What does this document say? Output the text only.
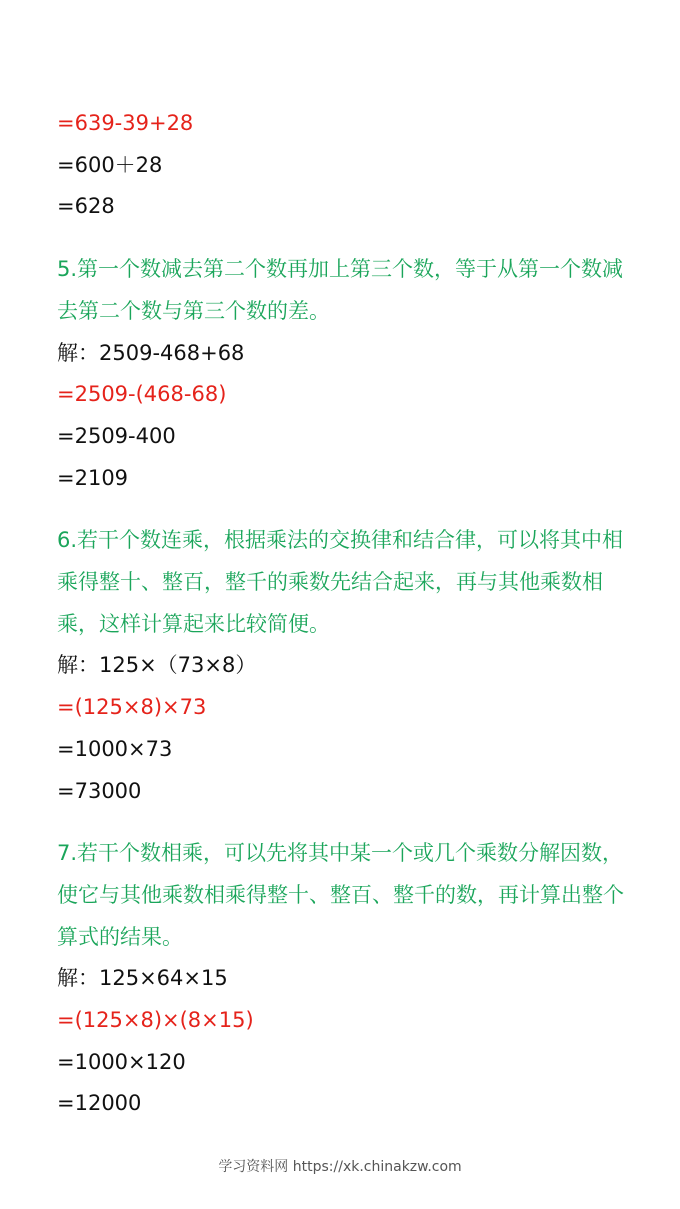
=639-39+28
=600＋28
=628
5.第一个数减去第二个数再加上第三个数，等于从第一个数减去第二个数与第三个数的差。
解：2509-468+68
=2509-(468-68)
=2509-400
=2109
6.若干个数连乘，根据乘法的交换律和结合律，可以将其中相乘得整十、整百，整千的乘数先结合起来，再与其他乘数相乘，这样计算起来比较简便。
解：125×（73×8）
=(125×8)×73
=1000×73
=73000
7.若干个数相乘，可以先将其中某一个或几个乘数分解因数，使它与其他乘数相乘得整十、整百、整千的数，再计算出整个算式的结果。
解：125×64×15
=(125×8)×(8×15)
=1000×120
=12000
学习资料网 https://xk.chinakzw.com
